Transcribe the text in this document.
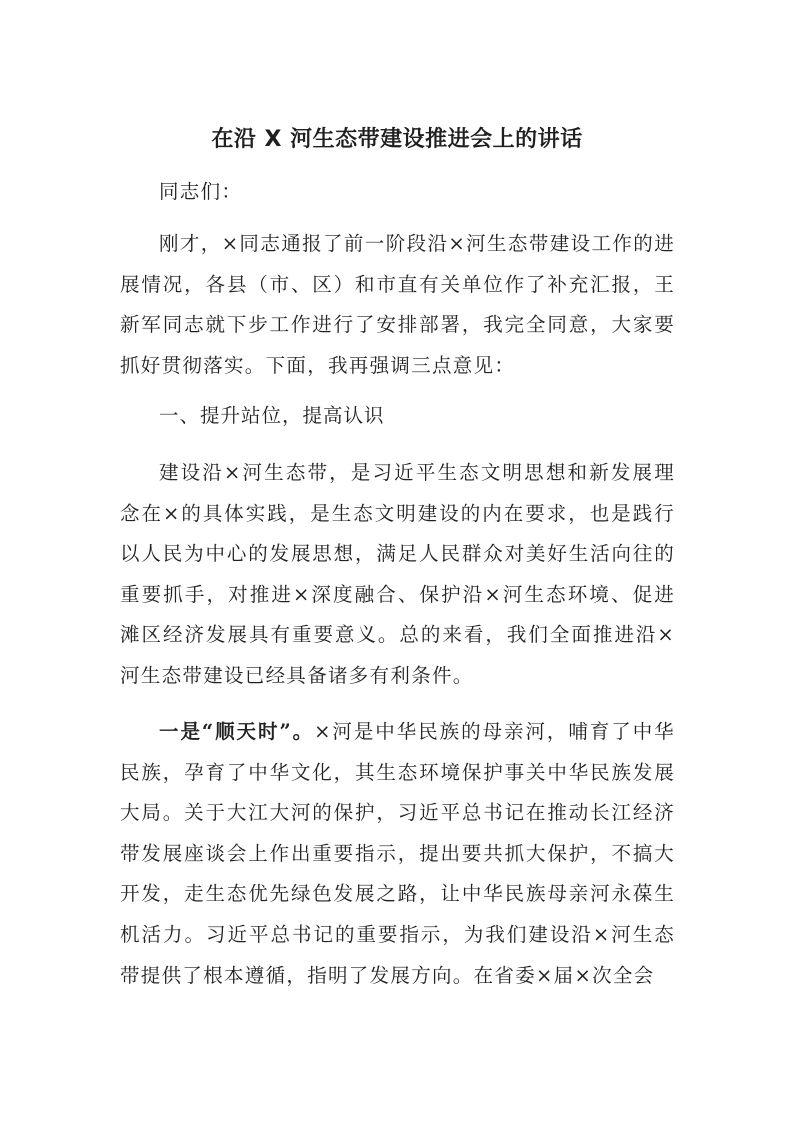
在沿 X 河生态带建设推进会上的讲话

同志们：

刚才，×同志通报了前一阶段沿×河生态带建设工作的进展情况，各县（市、区）和市直有关单位作了补充汇报，王新军同志就下步工作进行了安排部署，我完全同意，大家要抓好贯彻落实。下面，我再强调三点意见：

一、提升站位，提高认识

建设沿×河生态带，是习近平生态文明思想和新发展理念在×的具体实践，是生态文明建设的内在要求，也是践行以人民为中心的发展思想，满足人民群众对美好生活向往的重要抓手，对推进×深度融合、保护沿×河生态环境、促进滩区经济发展具有重要意义。总的来看，我们全面推进沿×河生态带建设已经具备诸多有利条件。

一是“顺天时”。×河是中华民族的母亲河，哺育了中华民族，孕育了中华文化，其生态环境保护事关中华民族发展大局。关于大江大河的保护，习近平总书记在推动长江经济带发展座谈会上作出重要指示，提出要共抓大保护，不搞大开发，走生态优先绿色发展之路，让中华民族母亲河永葆生机活力。习近平总书记的重要指示，为我们建设沿×河生态带提供了根本遵循，指明了发展方向。在省委×届×次全会
